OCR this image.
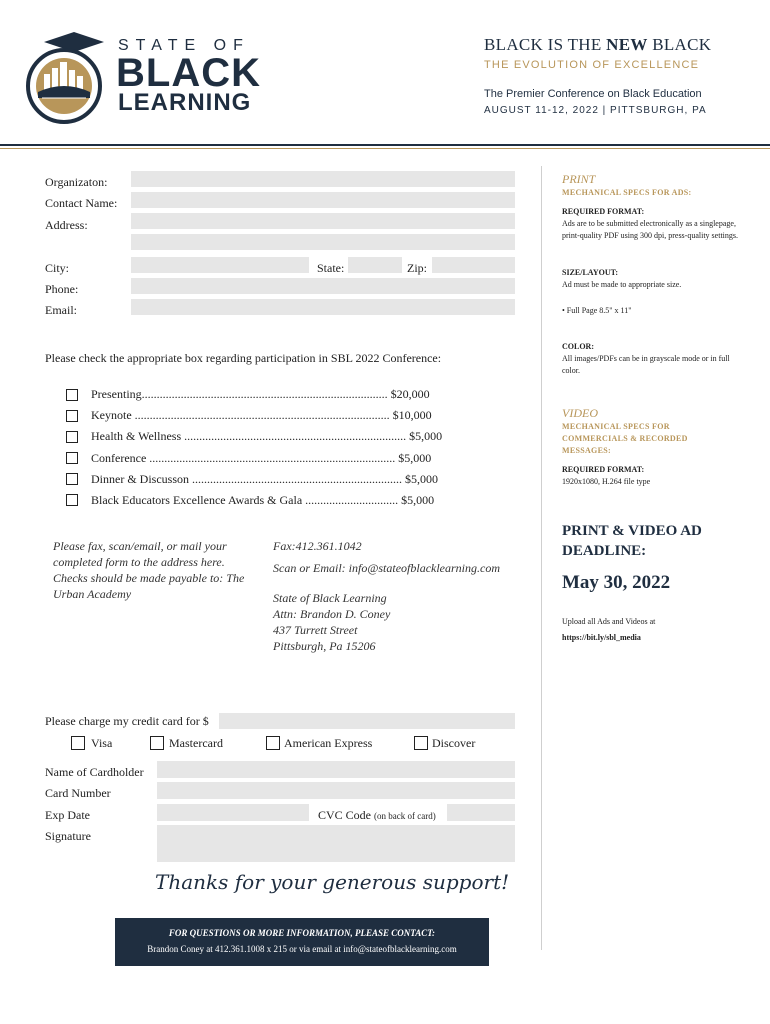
STATE OF
BLACK
LEARNING
BLACK IS THE NEW BLACK
THE EVOLUTION OF EXCELLENCE
The Premier Conference on Black Education
AUGUST 11-12, 2022 | PITTSBURGH, PA
Organizaton:
Contact Name:
Address:
City:	State:	Zip:
Phone:
Email:
Please check the appropriate box regarding participation in SBL 2022 Conference:
Presenting.................................................................................. $20,000
Keynote ..................................................................................... $10,000
Health & Wellness .......................................................................... $5,000
Conference .................................................................................. $5,000
Dinner & Discusson ...................................................................... $5,000
Black Educators Excellence Awards & Gala ............................... $5,000
Please fax, scan/email, or mail your completed form to the address here. Checks should be made payable to: The Urban Academy
Fax:412.361.1042
Scan or Email: info@stateofblacklearning.com
State of Black Learning
Attn: Brandon D. Coney
437 Turrett Street
Pittsburgh, Pa 15206
Please charge my credit card for $
Visa	Mastercard	American Express	Discover
Name of Cardholder
Card Number
Exp Date	CVC Code (on back of card)
Signature
Thanks for your generous support!
FOR QUESTIONS OR MORE INFORMATION, PLEASE CONTACT:
Brandon Coney at 412.361.1008 x 215 or via email at info@stateofblacklearning.com
PRINT
MECHANICAL SPECS FOR ADS:
REQUIRED FORMAT:
Ads are to be submitted electronically as a singlepage, print-quality PDF using 300 dpi, press-quality settings.
SIZE/LAYOUT:
Ad must be made to appropriate size.
• Full Page 8.5" x 11"
COLOR:
All images/PDFs can be in grayscale mode or in full color.
VIDEO
MECHANICAL SPECS FOR COMMERCIALS & RECORDED MESSAGES:
REQUIRED FORMAT:
1920x1080, H.264 file type
PRINT & VIDEO AD DEADLINE:
May 30, 2022
Upload all Ads and Videos at
https://bit.ly/sbl_media
